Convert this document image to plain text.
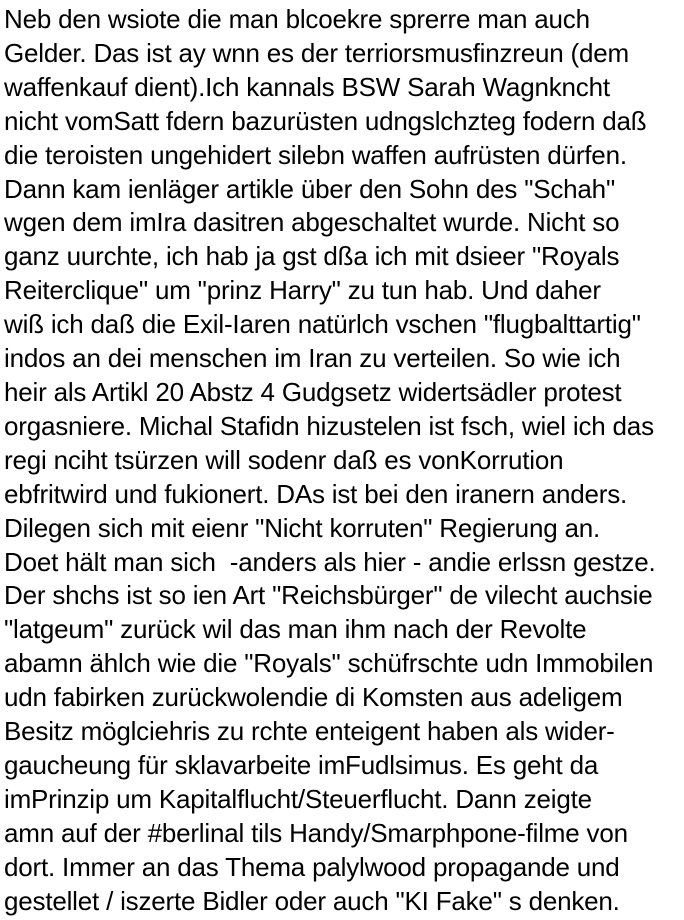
Neb den wsiote die man blcoekre sprerre man auch
Gelder. Das ist ay wnn es der terriorsmusfinzreun (dem
waffenkauf dient).Ich kannals BSW Sarah Wagnkncht
nicht vomSatt fdern bazurüsten udngslchzteg fodern daß
die teroisten ungehidert silebn waffen aufrüsten dürfen.
Dann kam ienläger artikle über den Sohn des "Schah"
wgen dem imIra dasitren abgeschaltet wurde. Nicht so
ganz uurchte, ich hab ja gst dßa ich mit dsieer "Royals
Reiterclique" um "prinz Harry" zu tun hab. Und daher
wiß ich daß die Exil-Iaren natürlch vschen "flugbalttartig"
indos an dei menschen im Iran zu verteilen. So wie ich
heir als Artikl 20 Abstz 4 Gudgsetz widertsädler protest
orgasniere. Michal Stafidn hizustelen ist fsch, wiel ich das
regi nciht tsürzen will sodenr daß es vonKorrution
ebfritwird und fukionert. DAs ist bei den iranern anders.
Dilegen sich mit eienr "Nicht korruten" Regierung an.
Doet hält man sich  -anders als hier - andie erlssn gestze.
Der shchs ist so ien Art "Reichsbürger" de vilecht auchsie
"latgeum" zurück wil das man ihm nach der Revolte
abamn ählch wie die "Royals" schüfrschte udn Immobilen
udn fabirken zurückwolendie di Komsten aus adeligem
Besitz möglciehris zu rchte enteigent haben als wider-
gaucheung für sklavarbeite imFudlsimus. Es geht da
imPrinzip um Kapitalflucht/Steuerflucht. Dann zeigte
amn auf der #berlinal tils Handy/Smarphpone-filme von
dort. Immer an das Thema palylwood propagande und
gestellet / iszerte Bidler oder auch "KI Fake" s denken.
